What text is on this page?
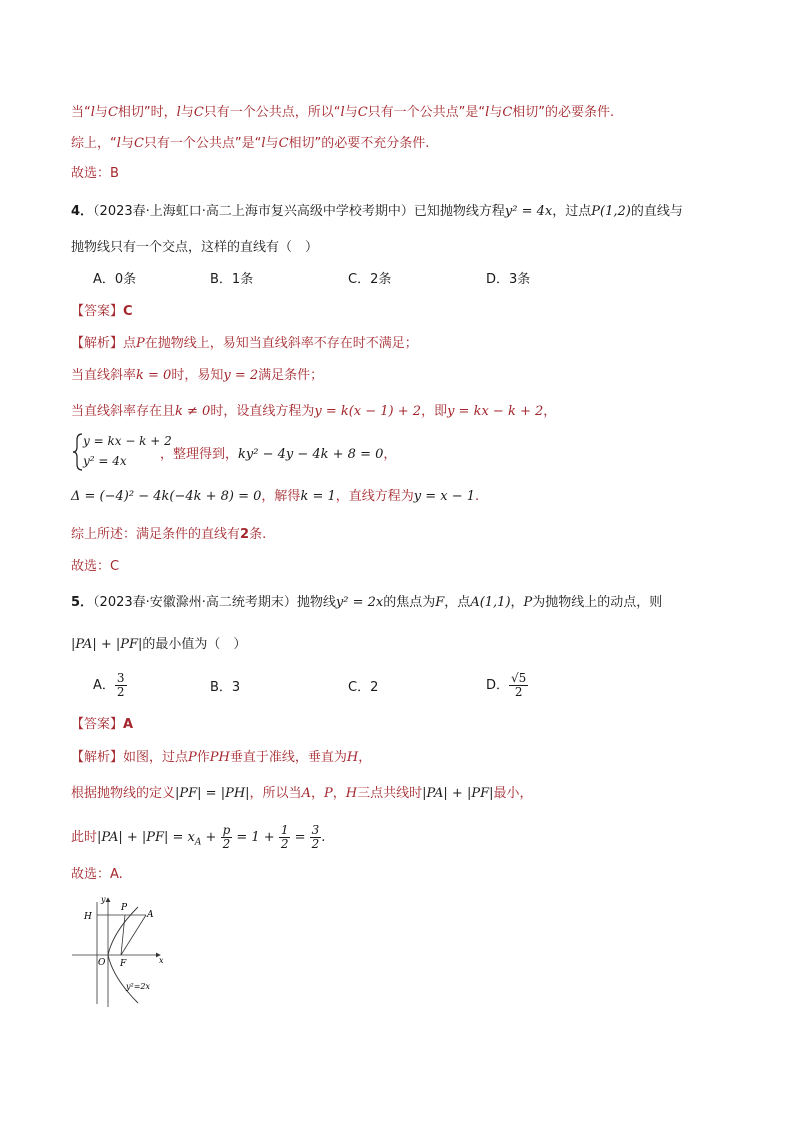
当“l与C相切”时，l与C只有一个公共点，所以“l与C只有一个公共点”是“l与C相切”的必要条件.
综上，“l与C只有一个公共点”是“l与C相切”的必要不充分条件.
故选：B
4．（2023春·上海虹口·高二上海市复兴高级中学校考期中）已知抛物线方程y² = 4x，过点P(1,2)的直线与
抛物线只有一个交点，这样的直线有（　）
A．0条	B．1条	C．2条	D．3条
【答案】C
【解析】点P在抛物线上，易知当直线斜率不存在时不满足；
当直线斜率k = 0时，易知y = 2满足条件；
当直线斜率存在且k ≠ 0时，设直线方程为y = k(x − 1) + 2，即y = kx − k + 2，
y = kx − k + 2
y² = 4x	，整理得到，ky² − 4y − 4k + 8 = 0，
Δ = (−4)² − 4k(−4k + 8) = 0，解得k = 1，直线方程为y = x − 1.
综上所述：满足条件的直线有2条.
故选：C
5．（2023春·安徽滁州·高二统考期末）抛物线y² = 2x的焦点为F，点A(1,1)，P为抛物线上的动点，则
|PA| + |PF|的最小值为（　）
A． $\frac{3}{2}$	B．3	C．2	D． $\frac{√5}{2}$
【答案】A
【解析】如图，过点P作PH垂直于准线，垂直为H，
根据抛物线的定义|PF| = |PH|，所以当A，P，H三点共线时|PA| + |PF|最小，
此时$|PA| + |PF| = x_A + \frac{p}{2} = 1 + \frac{1}{2} = \frac{3}{2}$ .
故选：A.
H
P
A
O F	x
y
y²=2x
